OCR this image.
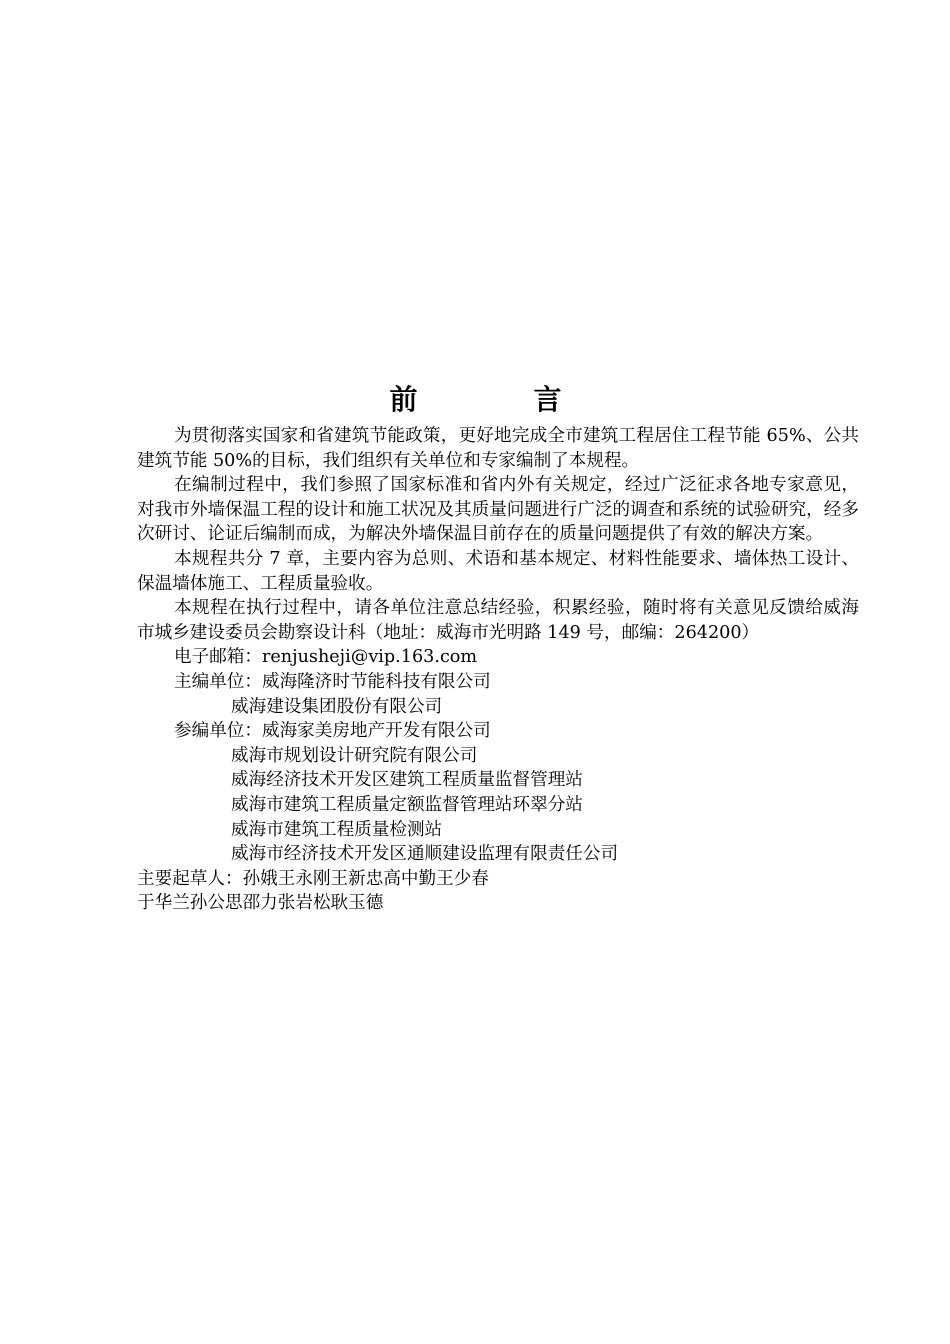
前　言

为贯彻落实国家和省建筑节能政策，更好地完成全市建筑工程居住工程节能 65%、公共建筑节能 50%的目标，我们组织有关单位和专家编制了本规程。

在编制过程中，我们参照了国家标准和省内外有关规定，经过广泛征求各地专家意见，对我市外墙保温工程的设计和施工状况及其质量问题进行广泛的调查和系统的试验研究，经多次研讨、论证后编制而成，为解决外墙保温目前存在的质量问题提供了有效的解决方案。

本规程共分 7 章，主要内容为总则、术语和基本规定、材料性能要求、墙体热工设计、保温墙体施工、工程质量验收。

本规程在执行过程中，请各单位注意总结经验，积累经验，随时将有关意见反馈给威海市城乡建设委员会勘察设计科（地址：威海市光明路 149 号，邮编：264200）

电子邮箱：renjusheji@vip.163.com

主编单位：威海隆济时节能科技有限公司

威海建设集团股份有限公司

参编单位：威海家美房地产开发有限公司

威海市规划设计研究院有限公司

威海经济技术开发区建筑工程质量监督管理站

威海市建筑工程质量定额监督管理站环翠分站

威海市建筑工程质量检测站

威海市经济技术开发区通顺建设监理有限责任公司

主要起草人：孙娥王永刚王新忠高中勤王少春

于华兰孙公思邵力张岩松耿玉德
